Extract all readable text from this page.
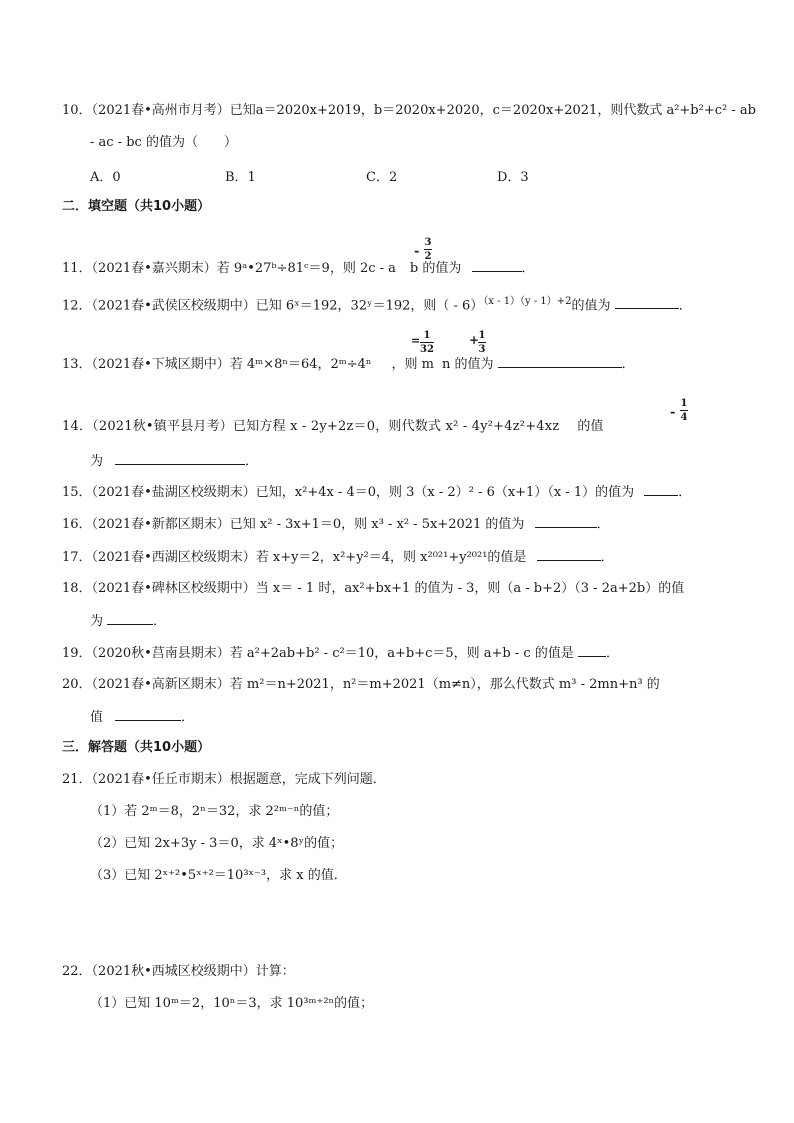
10．（2021春•高州市月考）已知a＝2020x+2019，b＝2020x+2020，c＝2020x+2021，则代数式 a²+b²+c² - ab
- ac - bc 的值为（　　）
A．0	B．1	C．2	D．3
二．填空题（共10小题）
-
3
2
11．（2021春•嘉兴期末）若 9ᵃ•27ᵇ÷81ᶜ＝9，则 2c - a b 的值为	．
12．（2021春•武侯区校级期中）已知 6ˣ＝192，32ʸ＝192，则（ - 6）$^{(x - 1)(y - 1)+2}$的值为	．
= 1
32
+ 1
3
13．（2021春•下城区期中）若 4ᵐ×8ⁿ＝64，2ᵐ÷4ⁿ ，则 m n 的值为	．
-
1
4
14．（2021秋•镇平县月考）已知方程 x - 2y+2z＝0，则代数式 x² - 4y²+4z²+4xz 的值
为	．
15．（2021春•盐湖区校级期末）已知，x²+4x - 4＝0，则 3（x - 2）² - 6（x+1）（x - 1）的值为	．
16．（2021春•新都区期末）已知 x² - 3x+1＝0，则 x³ - x² - 5x+2021 的值为	．
17．（2021春•西湖区校级期末）若 x+y＝2，x²+y²＝4，则 x²⁰²¹+y²⁰²¹的值是	．
18．（2021春•碑林区校级期中）当 x＝ - 1 时，ax²+bx+1 的值为 - 3，则（a - b+2）（3 - 2a+2b）的值
为	．
19．（2020秋•莒南县期末）若 a²+2ab+b² - c²＝10，a+b+c＝5，则 a+b - c 的值是 ．
20．（2021春•高新区期末）若 m²＝n+2021，n²＝m+2021（m≠n），那么代数式 m³ - 2mn+n³ 的
值	．
三．解答题（共10小题）
21．（2021春•任丘市期末）根据题意，完成下列问题．
（1）若 2ᵐ＝8，2ⁿ＝32，求 2²ᵐ⁻ⁿ的值；
（2）已知 2x+3y - 3＝0，求 4ˣ•8ʸ的值；
（3）已知 2ˣ⁺²•5ˣ⁺²＝10³ˣ⁻³，求 x 的值．
22．（2021秋•西城区校级期中）计算：
（1）已知 10ᵐ＝2，10ⁿ＝3，求 10³ᵐ⁺²ⁿ的值；
